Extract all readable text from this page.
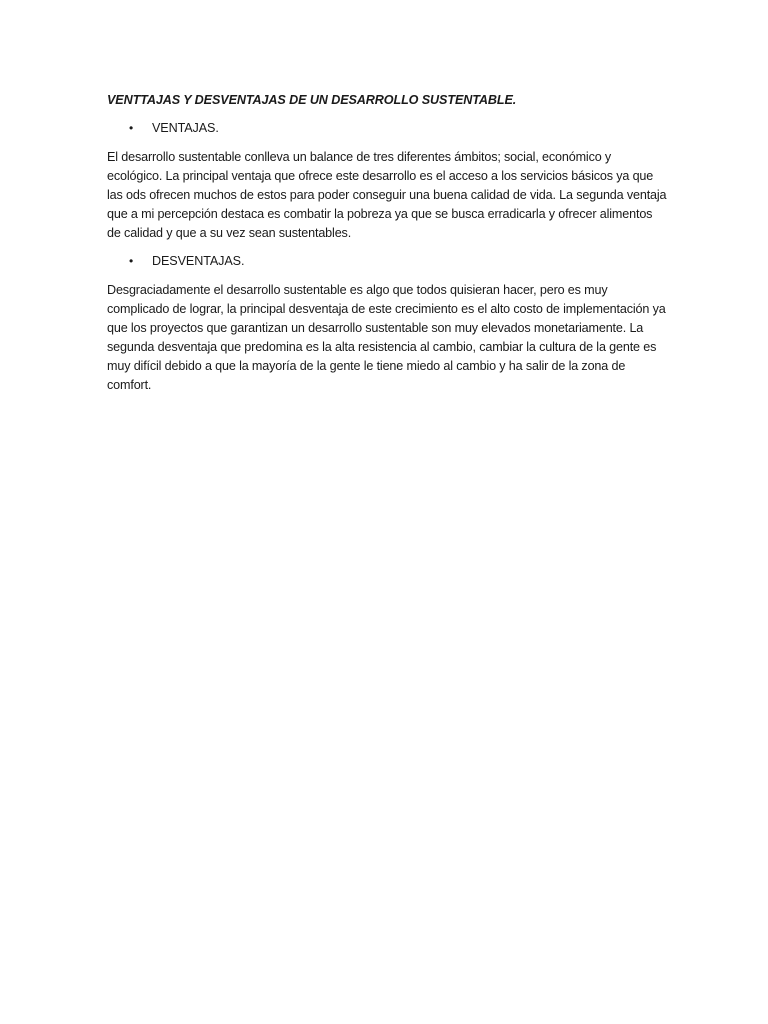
VENTTAJAS Y DESVENTAJAS DE UN DESARROLLO SUSTENTABLE.
• VENTAJAS.

El desarrollo sustentable conlleva un balance de tres diferentes ámbitos; social, económico y ecológico. La principal ventaja que ofrece este desarrollo es el acceso a los servicios básicos ya que las ods ofrecen muchos de estos para poder conseguir una buena calidad de vida. La segunda ventaja que a mi percepción destaca es combatir la pobreza ya que se busca erradicarla y ofrecer alimentos de calidad y que a su vez sean sustentables.

• DESVENTAJAS.

Desgraciadamente el desarrollo sustentable es algo que todos quisieran hacer, pero es muy complicado de lograr, la principal desventaja de este crecimiento es el alto costo de implementación ya que los proyectos que garantizan un desarrollo sustentable son muy elevados monetariamente. La segunda desventaja que predomina es la alta resistencia al cambio, cambiar la cultura de la gente es muy difícil debido a que la mayoría de la gente le tiene miedo al cambio y ha salir de la zona de comfort.
